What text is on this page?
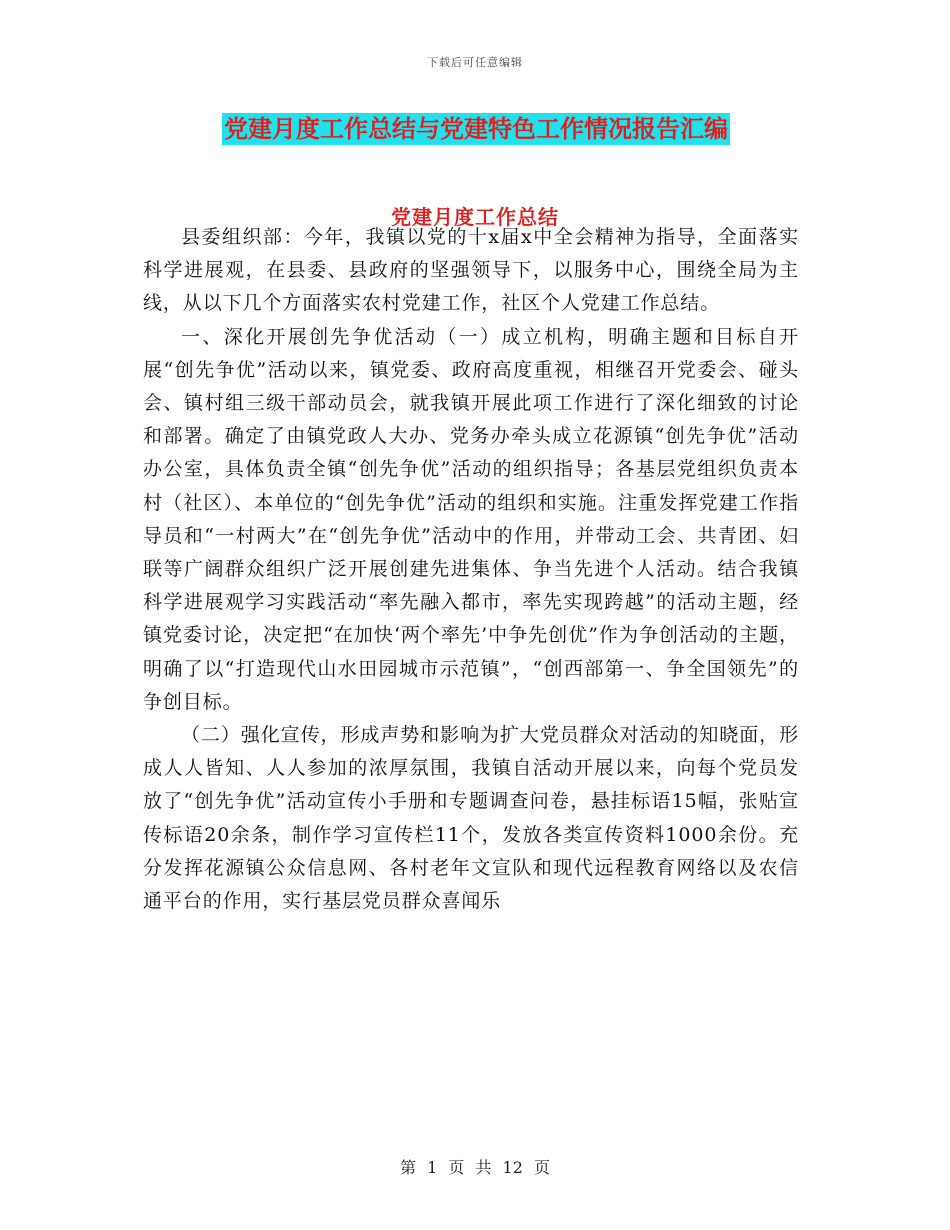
下载后可任意编辑
党建月度工作总结与党建特色工作情况报告汇编
党建月度工作总结

县委组织部：今年，我镇以党的十x届x中全会精神为指导，全面落实科学进展观，在县委、县政府的坚强领导下，以服务中心，围绕全局为主线，从以下几个方面落实农村党建工作，社区个人党建工作总结。

一、深化开展创先争优活动（一）成立机构，明确主题和目标自开展“创先争优”活动以来，镇党委、政府高度重视，相继召开党委会、碰头会、镇村组三级干部动员会，就我镇开展此项工作进行了深化细致的讨论和部署。确定了由镇党政人大办、党务办牵头成立花源镇“创先争优”活动办公室，具体负责全镇“创先争优”活动的组织指导；各基层党组织负责本村（社区）、本单位的“创先争优”活动的组织和实施。注重发挥党建工作指导员和“一村两大”在“创先争优”活动中的作用，并带动工会、共青团、妇联等广阔群众组织广泛开展创建先进集体、争当先进个人活动。结合我镇科学进展观学习实践活动“率先融入都市，率先实现跨越”的活动主题，经镇党委讨论，决定把“在加快‘两个率先’中争先创优”作为争创活动的主题，明确了以“打造现代山水田园城市示范镇”，“创西部第一、争全国领先”的争创目标。

（二）强化宣传，形成声势和影响为扩大党员群众对活动的知晓面，形成人人皆知、人人参加的浓厚氛围，我镇自活动开展以来，向每个党员发放了“创先争优”活动宣传小手册和专题调查问卷，悬挂标语15幅，张贴宣传标语20余条，制作学习宣传栏11个，发放各类宣传资料1000余份。充分发挥花源镇公众信息网、各村老年文宣队和现代远程教育网络以及农信通平台的作用，实行基层党员群众喜闻乐

第 1 页 共 12 页
